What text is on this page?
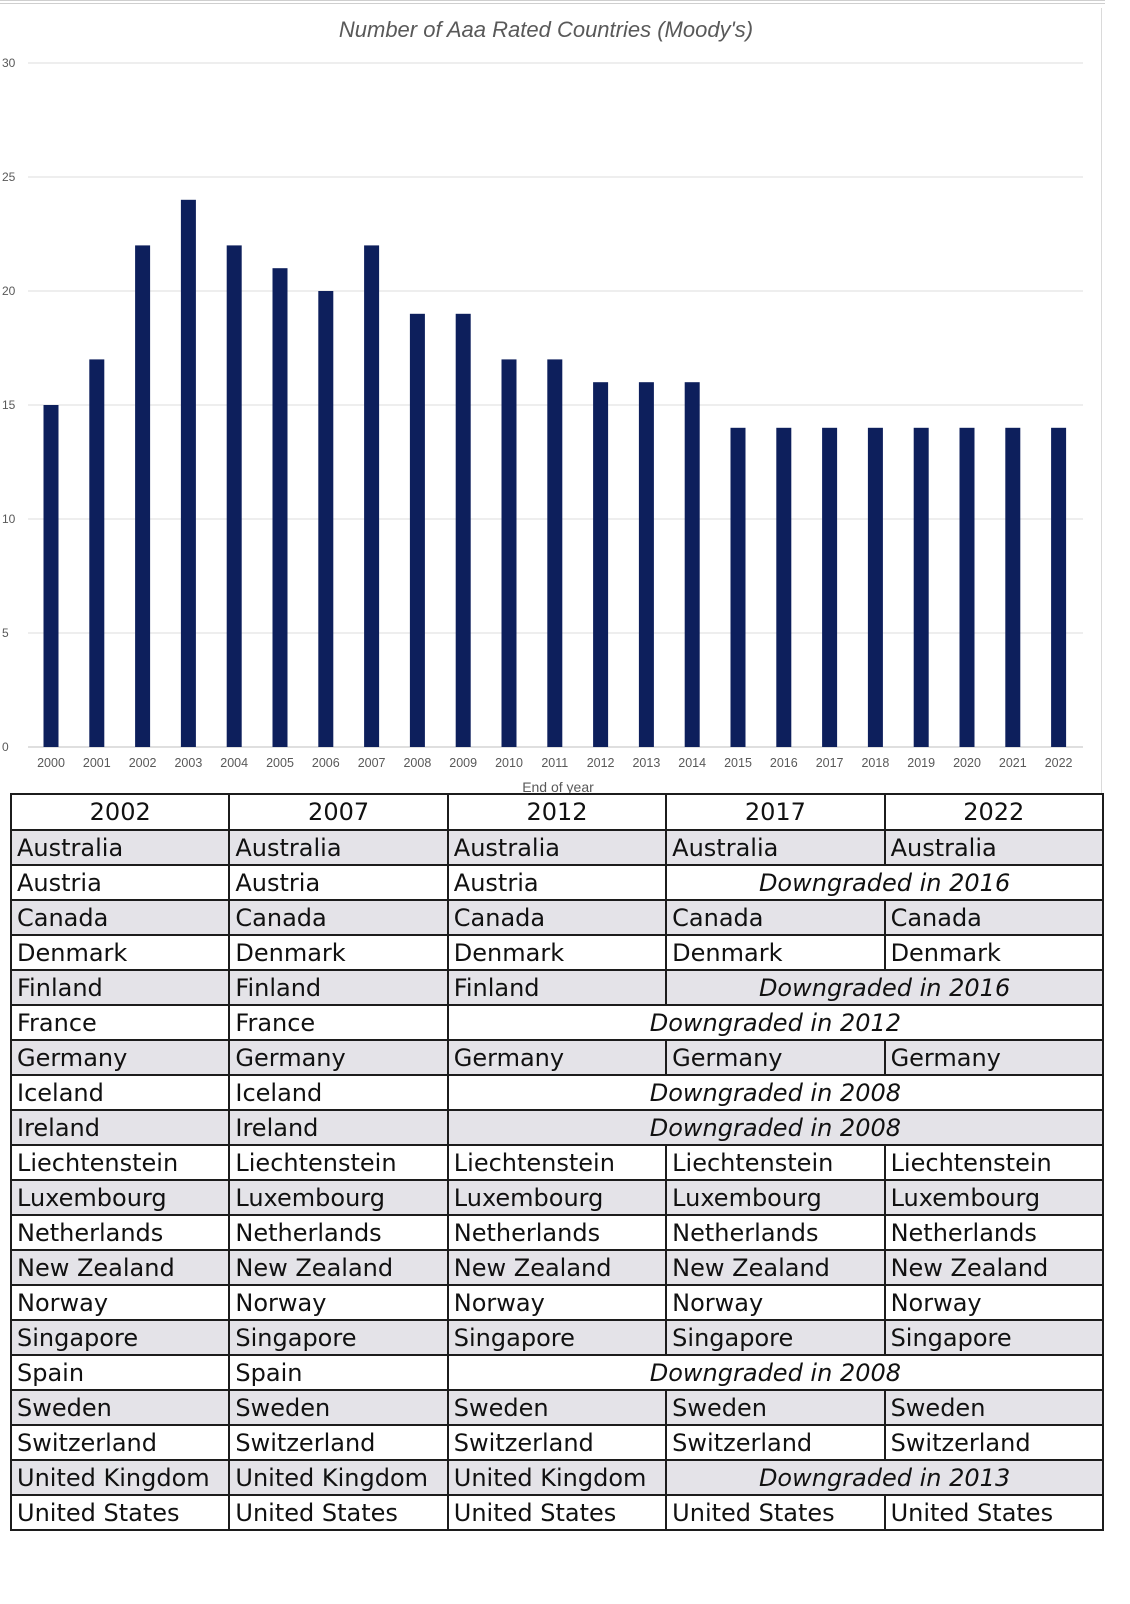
Number of Aaa Rated Countries (Moody's)
0
5
10
15
20
25
30
2000 2001 2002 2003 2004 2005 2006 2007 2008 2009 2010 2011 2012 2013 2014 2015 2016 2017 2018 2019 2020 2021 2022
End of year
2002	2007	2012	2017	2022
Australia	Australia	Australia	Australia	Australia
Austria	Austria	Austria	Downgraded in 2016	
Canada	Canada	Canada	Canada	Canada
Denmark	Denmark	Denmark	Denmark	Denmark
Finland	Finland	Finland	Downgraded in 2016	
France	France	Downgraded in 2012		
Germany	Germany	Germany	Germany	Germany
Iceland	Iceland	Downgraded in 2008		
Ireland	Ireland	Downgraded in 2008		
Liechtenstein	Liechtenstein	Liechtenstein	Liechtenstein	Liechtenstein
Luxembourg	Luxembourg	Luxembourg	Luxembourg	Luxembourg
Netherlands	Netherlands	Netherlands	Netherlands	Netherlands
New Zealand	New Zealand	New Zealand	New Zealand	New Zealand
Norway	Norway	Norway	Norway	Norway
Singapore	Singapore	Singapore	Singapore	Singapore
Spain	Spain	Downgraded in 2008		
Sweden	Sweden	Sweden	Sweden	Sweden
Switzerland	Switzerland	Switzerland	Switzerland	Switzerland
United Kingdom	United Kingdom	United Kingdom	Downgraded in 2013	
United States	United States	United States	United States	United States
